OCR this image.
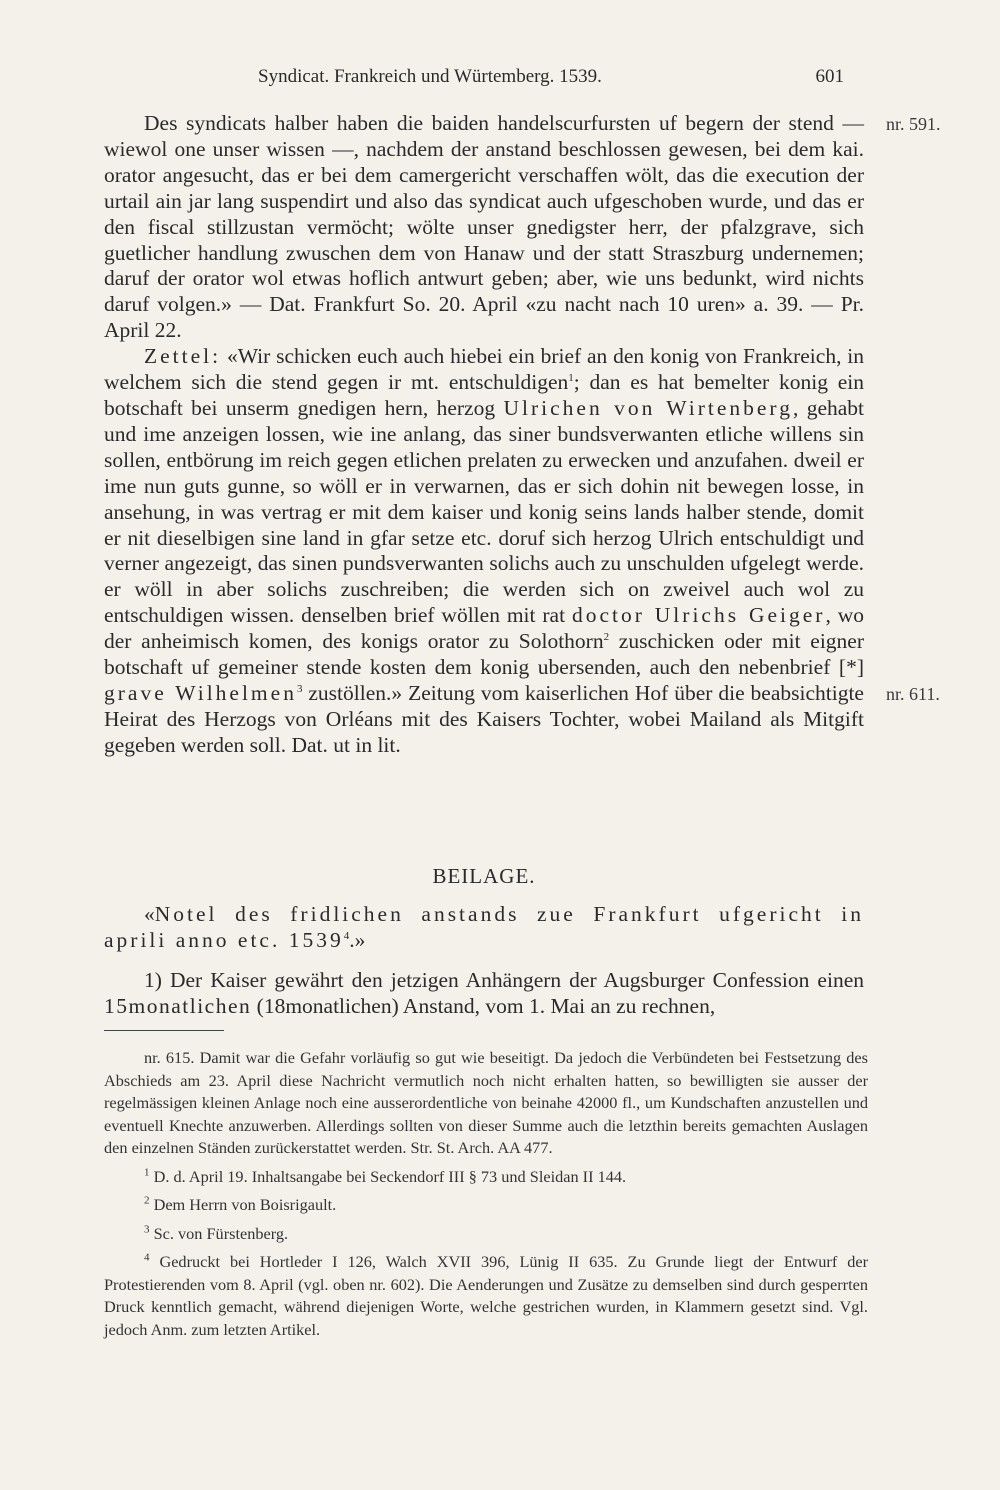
Syndicat. Frankreich und Würtemberg. 1539.	601
nr. 591.
nr. 611.

Des syndicats halber haben die baiden handelscurfursten uf begern der stend — wiewol one unser wissen —, nachdem der anstand beschlossen gewesen, bei dem kai. orator angesucht, das er bei dem camergericht verschaffen wölt, das die execution der urtail ain jar lang suspendirt und also das syndicat auch ufgeschoben wurde, und das er den fiscal stillzustan vermöcht; wölte unser gnedigster herr, der pfalzgrave, sich guetlicher handlung zwuschen dem von Hanaw und der statt Straszburg undernemen; daruf der orator wol etwas hoflich antwurt geben; aber, wie uns bedunkt, wird nichts daruf volgen.» — Dat. Frankfurt So. 20. April «zu nacht nach 10 uren» a. 39. — Pr. April 22.

Zettel: «Wir schicken euch auch hiebei ein brief an den konig von Frankreich, in welchem sich die stend gegen ir mt. entschuldigen$^1$; dan es hat bemelter konig ein botschaft bei unserm gnedigen hern, herzog Ulrichen von Wirtenberg, gehabt und ime anzeigen lossen, wie ine anlang, das siner bundsverwanten etliche willens sin sollen, entbörung im reich gegen etlichen prelaten zu erwecken und anzufahen. dweil er ime nun guts gunne, so wöll er in verwarnen, das er sich dohin nit bewegen losse, in ansehung, in was vertrag er mit dem kaiser und konig seins lands halber stende, domit er nit dieselbigen sine land in gfar setze etc. doruf sich herzog Ulrich entschuldigt und verner angezeigt, das sinen pundsverwanten solichs auch zu unschulden ufgelegt werde. er wöll in aber solichs zuschreiben; die werden sich on zweivel auch wol zu entschuldigen wissen. denselben brief wöllen mit rat doctor Ulrichs Geiger, wo der anheimisch komen, des konigs orator zu Solothorn$^2$ zuschicken oder mit eigner botschaft uf gemeiner stende kosten dem konig ubersenden, auch den nebenbrief [*] grave Wilhelmen$^3$ zustöllen.» Zeitung vom kaiserlichen Hof über die beabsichtigte Heirat des Herzogs von Orléans mit des Kaisers Tochter, wobei Mailand als Mitgift gegeben werden soll. Dat. ut in lit.

BEILAGE.

«Notel des fridlichen anstands zue Frankfurt ufgericht in aprili anno etc. 1539$^4$.»

1) Der Kaiser gewährt den jetzigen Anhängern der Augsburger Confession einen 15monatlichen (18monatlichen) Anstand, vom 1. Mai an zu rechnen,

nr. 615. Damit war die Gefahr vorläufig so gut wie beseitigt. Da jedoch die Verbündeten bei Festsetzung des Abschieds am 23. April diese Nachricht vermutlich noch nicht erhalten hatten, so bewilligten sie ausser der regelmässigen kleinen Anlage noch eine ausserordentliche von beinahe 42000 fl., um Kundschaften anzustellen und eventuell Knechte anzuwerben. Allerdings sollten von dieser Summe auch die letzthin bereits gemachten Auslagen den einzelnen Ständen zurückerstattet werden. Str. St. Arch. AA 477.

$^1$ D. d. April 19. Inhaltsangabe bei Seckendorf III § 73 und Sleidan II 144.

$^2$ Dem Herrn von Boisrigault.

$^3$ Sc. von Fürstenberg.

$^4$ Gedruckt bei Hortleder I 126, Walch XVII 396, Lünig II 635. Zu Grunde liegt der Entwurf der Protestierenden vom 8. April (vgl. oben nr. 602). Die Aenderungen und Zusätze zu demselben sind durch gesperrten Druck kenntlich gemacht, während diejenigen Worte, welche gestrichen wurden, in Klammern gesetzt sind. Vgl. jedoch Anm. zum letzten Artikel.
